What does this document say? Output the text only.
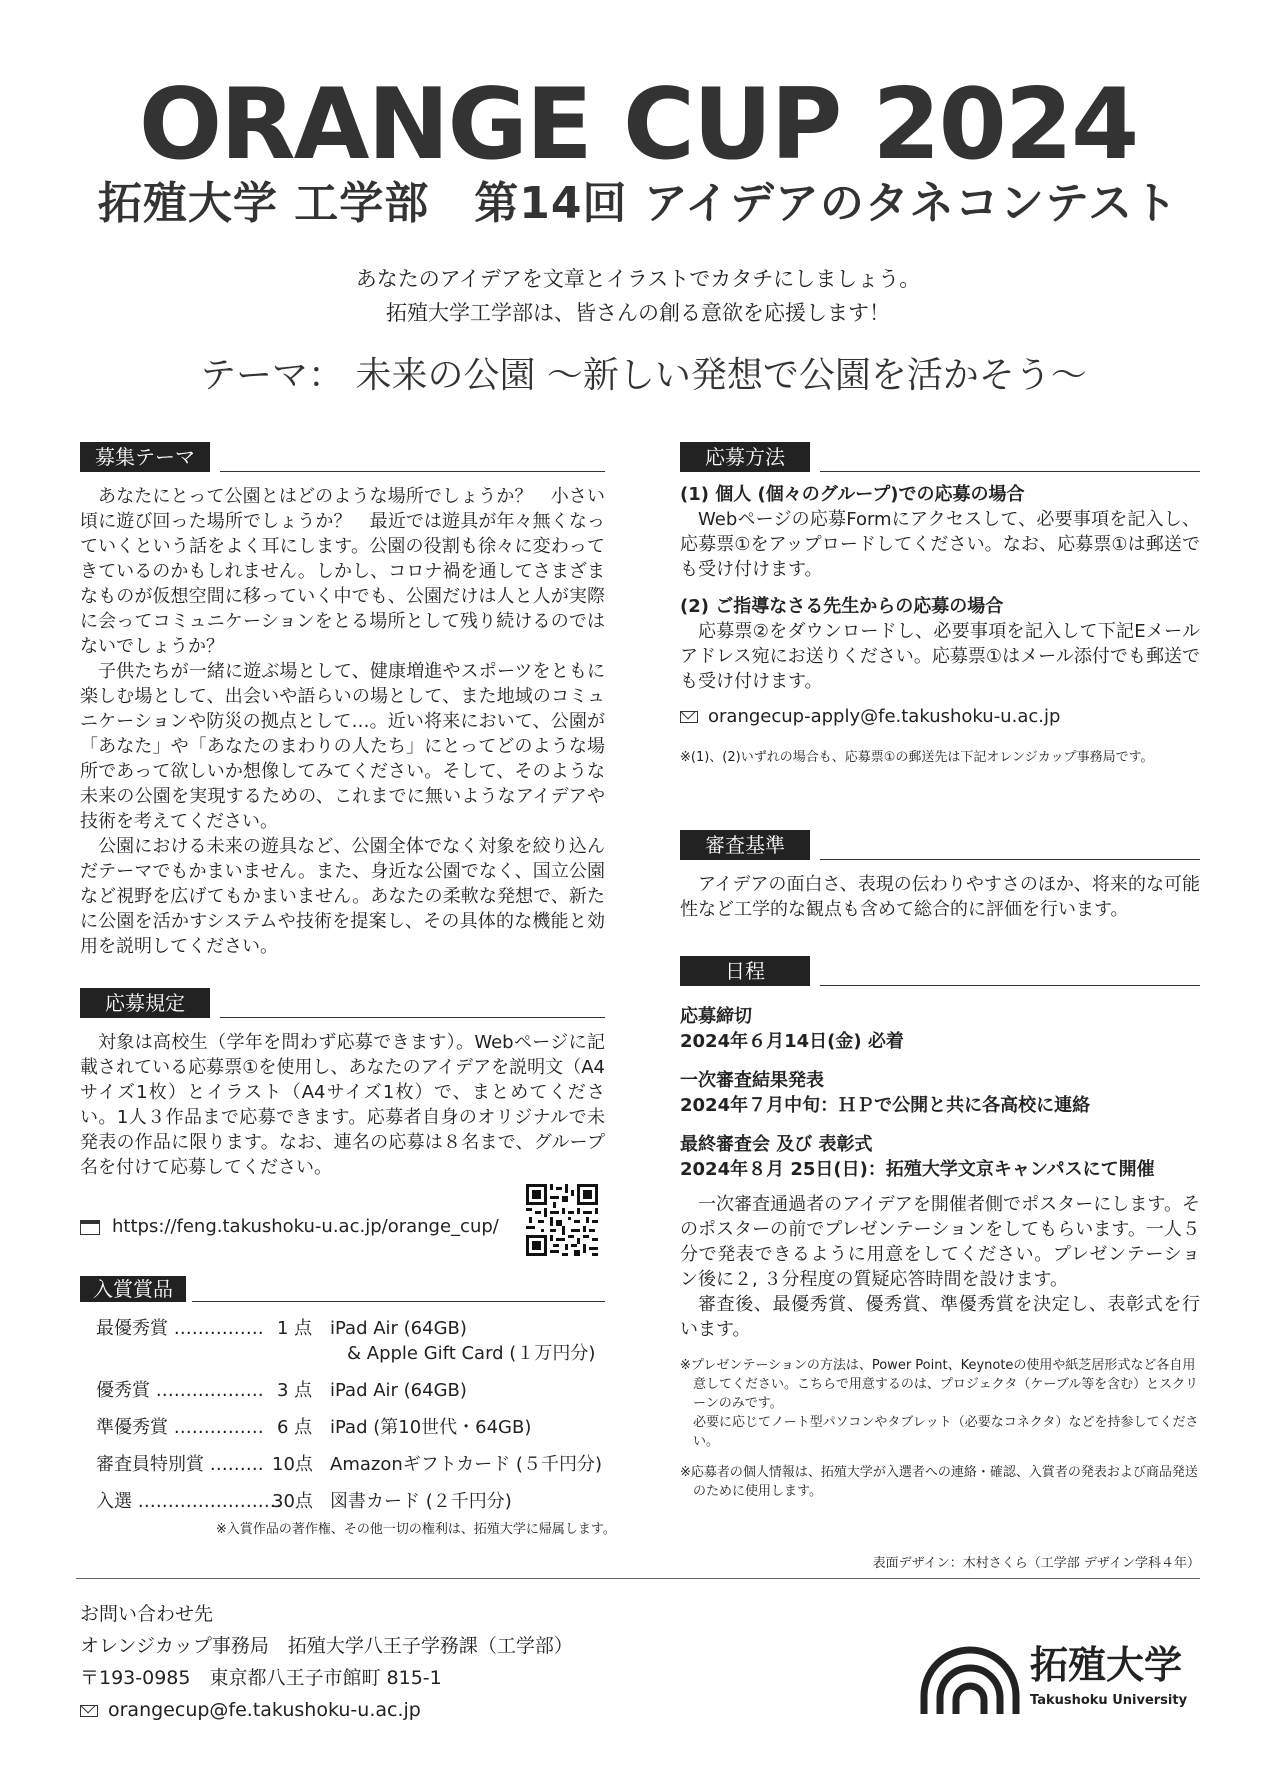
ORANGE CUP 2024
拓殖大学 工学部　第14回 アイデアのタネコンテスト
あなたのアイデアを文章とイラストでカタチにしましょう。
拓殖大学工学部は、皆さんの創る意欲を応援します！
テーマ： 未来の公園 〜新しい発想で公園を活かそう〜
募集テーマ

あなたにとって公園とはどのような場所でしょうか？　小さい頃に遊び回った場所でしょうか？　最近では遊具が年々無くなっていくという話をよく耳にします。公園の役割も徐々に変わってきているのかもしれません。しかし、コロナ禍を通してさまざまなものが仮想空間に移っていく中でも、公園だけは人と人が実際に会ってコミュニケーションをとる場所として残り続けるのではないでしょうか？

子供たちが一緒に遊ぶ場として、健康増進やスポーツをともに楽しむ場として、出会いや語らいの場として、また地域のコミュニケーションや防災の拠点として…。近い将来において、公園が「あなた」や「あなたのまわりの人たち」にとってどのような場所であって欲しいか想像してみてください。そして、そのような未来の公園を実現するための、これまでに無いようなアイデアや技術を考えてください。

公園における未来の遊具など、公園全体でなく対象を絞り込んだテーマでもかまいません。また、身近な公園でなく、国立公園など視野を広げてもかまいません。あなたの柔軟な発想で、新たに公園を活かすシステムや技術を提案し、その具体的な機能と効用を説明してください。

応募規定

対象は高校生（学年を問わず応募できます）。Webページに記載されている応募票①を使用し、あなたのアイデアを説明文（A4サイズ1枚）とイラスト（A4サイズ1枚）で、まとめてください。1人３作品まで応募できます。応募者自身のオリジナルで未発表の作品に限ります。なお、連名の応募は８名まで、グループ名を付けて応募してください。

https://feng.takushoku-u.ac.jp/orange_cup/
入賞賞品
最優秀賞 …………… 1 点 iPad Air (64GB)
& Apple Gift Card (１万円分)
優秀賞 ……………… 3 点 iPad Air (64GB)
準優秀賞 …………… 6 点 iPad (第10世代・64GB)
審査員特別賞 ……… 10点 Amazonギフトカード (５千円分)
入選 ……………………
30点 図書カード (２千円分)
※入賞作品の著作権、その他一切の権利は、拓殖大学に帰属します。
応募方法
(1) 個人 (個々のグループ)での応募の場合

Webページの応募Formにアクセスして、必要事項を記入し、応募票①をアップロードしてください。なお、応募票①は郵送でも受け付けます。

(2) ご指導なさる先生からの応募の場合

応募票②をダウンロードし、必要事項を記入して下記Eメールアドレス宛にお送りください。応募票①はメール添付でも郵送でも受け付けます。

orangecup-apply@fe.takushoku-u.ac.jp
※(1)、(2)いずれの場合も、応募票①の郵送先は下記オレンジカップ事務局です。
審査基準

アイデアの面白さ、表現の伝わりやすさのほか、将来的な可能性など工学的な観点も含めて総合的に評価を行います。

日程
応募締切
2024年６月14日(金) 必着
一次審査結果発表
2024年７月中旬：ＨＰで公開と共に各高校に連絡
最終審査会 及び 表彰式
2024年８月 25日(日)：拓殖大学文京キャンパスにて開催

一次審査通過者のアイデアを開催者側でポスターにします。そのポスターの前でプレゼンテーションをしてもらいます。一人５分で発表できるように用意をしてください。プレゼンテーション後に２, ３分程度の質疑応答時間を設けます。

審査後、最優秀賞、優秀賞、準優秀賞を決定し、表彰式を行います。

※プレゼンテーションの方法は、Power Point、Keynoteの使用や紙芝居形式など各自用意してください。こちらで用意するのは、プロジェクタ（ケーブル等を含む）とスクリーンのみです。
必要に応じてノート型パソコンやタブレット（必要なコネクタ）などを持参してください。
※応募者の個人情報は、拓殖大学が入選者への連絡・確認、入賞者の発表および商品発送のために使用します。
表面デザイン：木村さくら（工学部 デザイン学科４年）
お問い合わせ先
オレンジカップ事務局　拓殖大学八王子学務課（工学部）
〒193-0985　東京都八王子市館町 815-1
orangecup@fe.takushoku-u.ac.jp
拓殖大学
Takushoku University
